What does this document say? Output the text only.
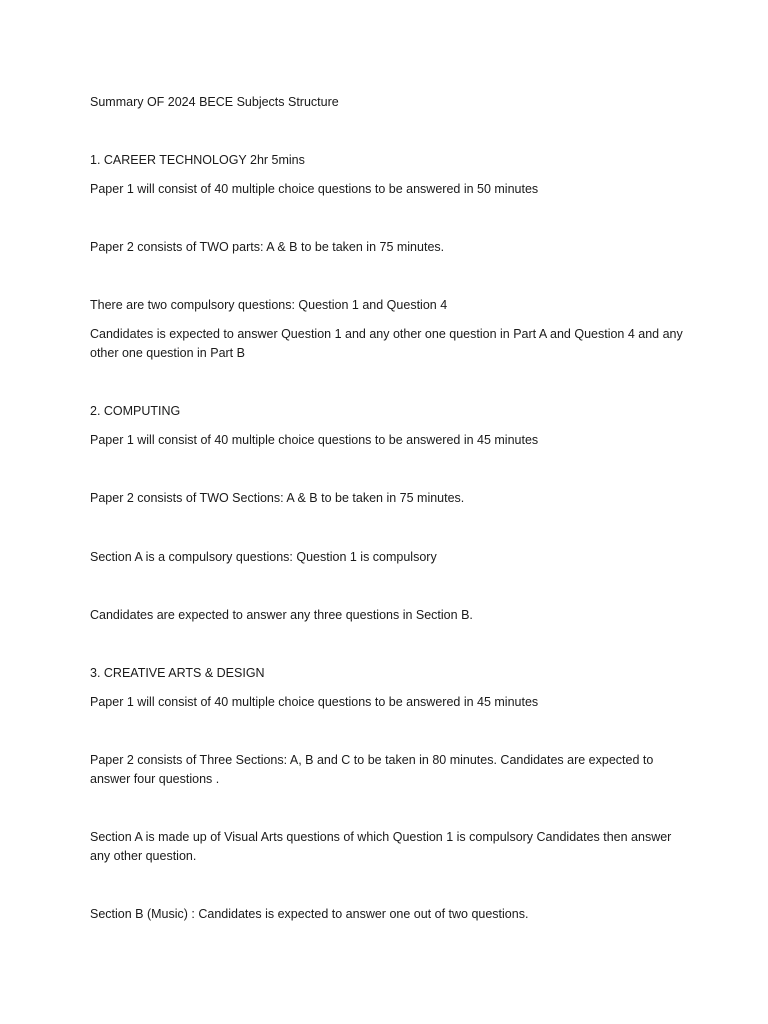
Summary OF 2024 BECE Subjects Structure

1. CAREER TECHNOLOGY 2hr 5mins

Paper 1 will consist of 40 multiple choice questions to be answered in 50 minutes

Paper 2 consists of TWO parts: A & B to be taken in 75 minutes.

There are two compulsory questions: Question 1 and Question 4

Candidates is expected to answer Question 1 and any other one question in Part A and Question 4 and any other one question in Part B

2. COMPUTING

Paper 1 will consist of 40 multiple choice questions to be answered in 45 minutes

Paper 2 consists of TWO Sections: A & B to be taken in 75 minutes.

Section A is a compulsory questions: Question 1 is compulsory

Candidates are expected to answer any three questions in Section B.

3. CREATIVE ARTS & DESIGN

Paper 1 will consist of 40 multiple choice questions to be answered in 45 minutes

Paper 2 consists of Three Sections: A, B and C to be taken in 80 minutes. Candidates are expected to answer four questions .

Section A is made up of Visual Arts questions of which Question 1 is compulsory Candidates then answer any other question.

Section B (Music) : Candidates is expected to answer one out of two questions.
